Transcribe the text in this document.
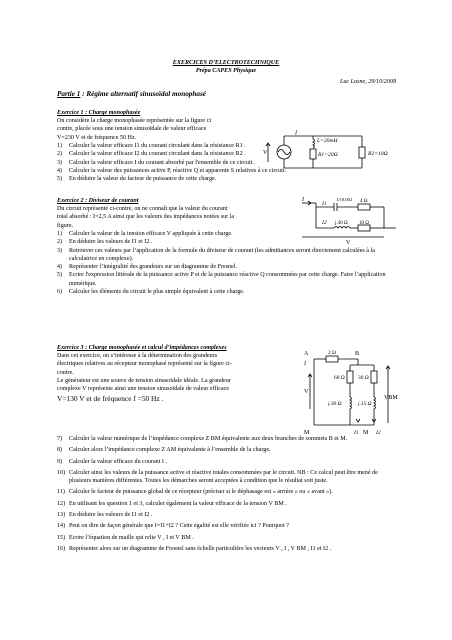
EXERCICES D’ELECTROTECHNIQUE
Prépa CAPES Physique
Luc Lasne, 29/10/2008
Partie 1 : Régime alternatif sinusoïdal monophasé
Exercice 1 : Charge monophasée
On considère la charge monophasée représentée sur la figure ci
contre, placée sous une tension sinusoïdale de valeur efficace
V=230 V et de fréquence 50 Hz.
V
I
L=20mH
R1=20Ω	R2=10Ω
1) Calculer la valeur efficace I1 du courant circulant dans la résistance R1 .
2) Calculer la valeur efficace I2 du courant circulant dans la résistance R2 .
3) Calculer la valeur efficace I du courant absorbé par l'ensemble de ce circuit.
4) Calculer la valeur des puissances active P, réactive Q et apparente S relatives à ce circuit.
5) En déduire la valeur du facteur de puissance de cette charge.
Exercice 2 : Diviseur de courant
Du circuit représenté ci-contre, on ne connaît que la valeur du courant
total absorbé : I=2,5 A ainsi que les valeurs des impédances notées sur la
figure.
I
I1
I2
1/10,002 4 Ω
j.40 Ω 10 Ω
V
1) Calculer la valeur de la tension efficace V appliquée à cette charge.
2) En déduire les valeurs de I1 et I2 .
3) Retrouver ces valeurs par l’application de la formule du diviseur de courant (les admittances seront directement calculées à la calculatrice en complexe).
4) Représenter l’intégralité des grandeurs sur un diagramme de Fresnel.
5) Ecrire l'expression littérale de la puissance active P et de la puissance réactive Q consommées par cette charge. Faire l’application numérique.
6) Calculer les éléments du circuit le plus simple équivalent à cette charge.
Exercice 3 : Charge monophasée et calcul d’impédances complexes
Dans cet exercice, on s’intéresse à la détermination des grandeurs
électriques relatives au récepteur monophasé représenté sur la figure ci-
contre.
Le générateur est une source de tension sinusoïdale idéale. La grandeur
complexe V représente ainsi une tension sinusoïdale de valeur efficace
V=130 V et de fréquence f =50 Hz .
A
I
V
M
2 Ω	B
60 Ω 30 Ω
j.30 Ω	j.15 Ω
I1 M I2
VBM
7) Calculer la valeur numérique de l’impédance complexe Z BM équivalente aux deux branches de sommets B et M.
8) Calculer alors l’impédance complexe Z AM équivalente à l’ensemble de la charge.
9) Calculer la valeur efficace du courant I .
10) Calculer ainsi les valeurs de la puissance active et réactive totales consommées par le circuit. NB : Ce calcul peut être mené de plusieurs manières différentes. Toutes les démarches seront acceptées à condition que le résultat soit juste.
11) Calculer le facteur de puissance global de ce récepteur (préciser si le déphasage est « arrière » ou « avant »).
12) En utilisant les question 1 et 3, calculer également la valeur efficace de la tension V BM .
13) En déduire les valeurs de I1 et I2 .
14) Peut on dire de façon générale que I=I1+I2 ? Cette égalité est elle vérifiée ici ? Pourquoi ?
15) Ecrire l’équation de maille qui relie V , I et V BM .
16) Représenter alors sur un diagramme de Fresnel sans échelle particulière les vecteurs V , I , V BM , I1 et I2 .
